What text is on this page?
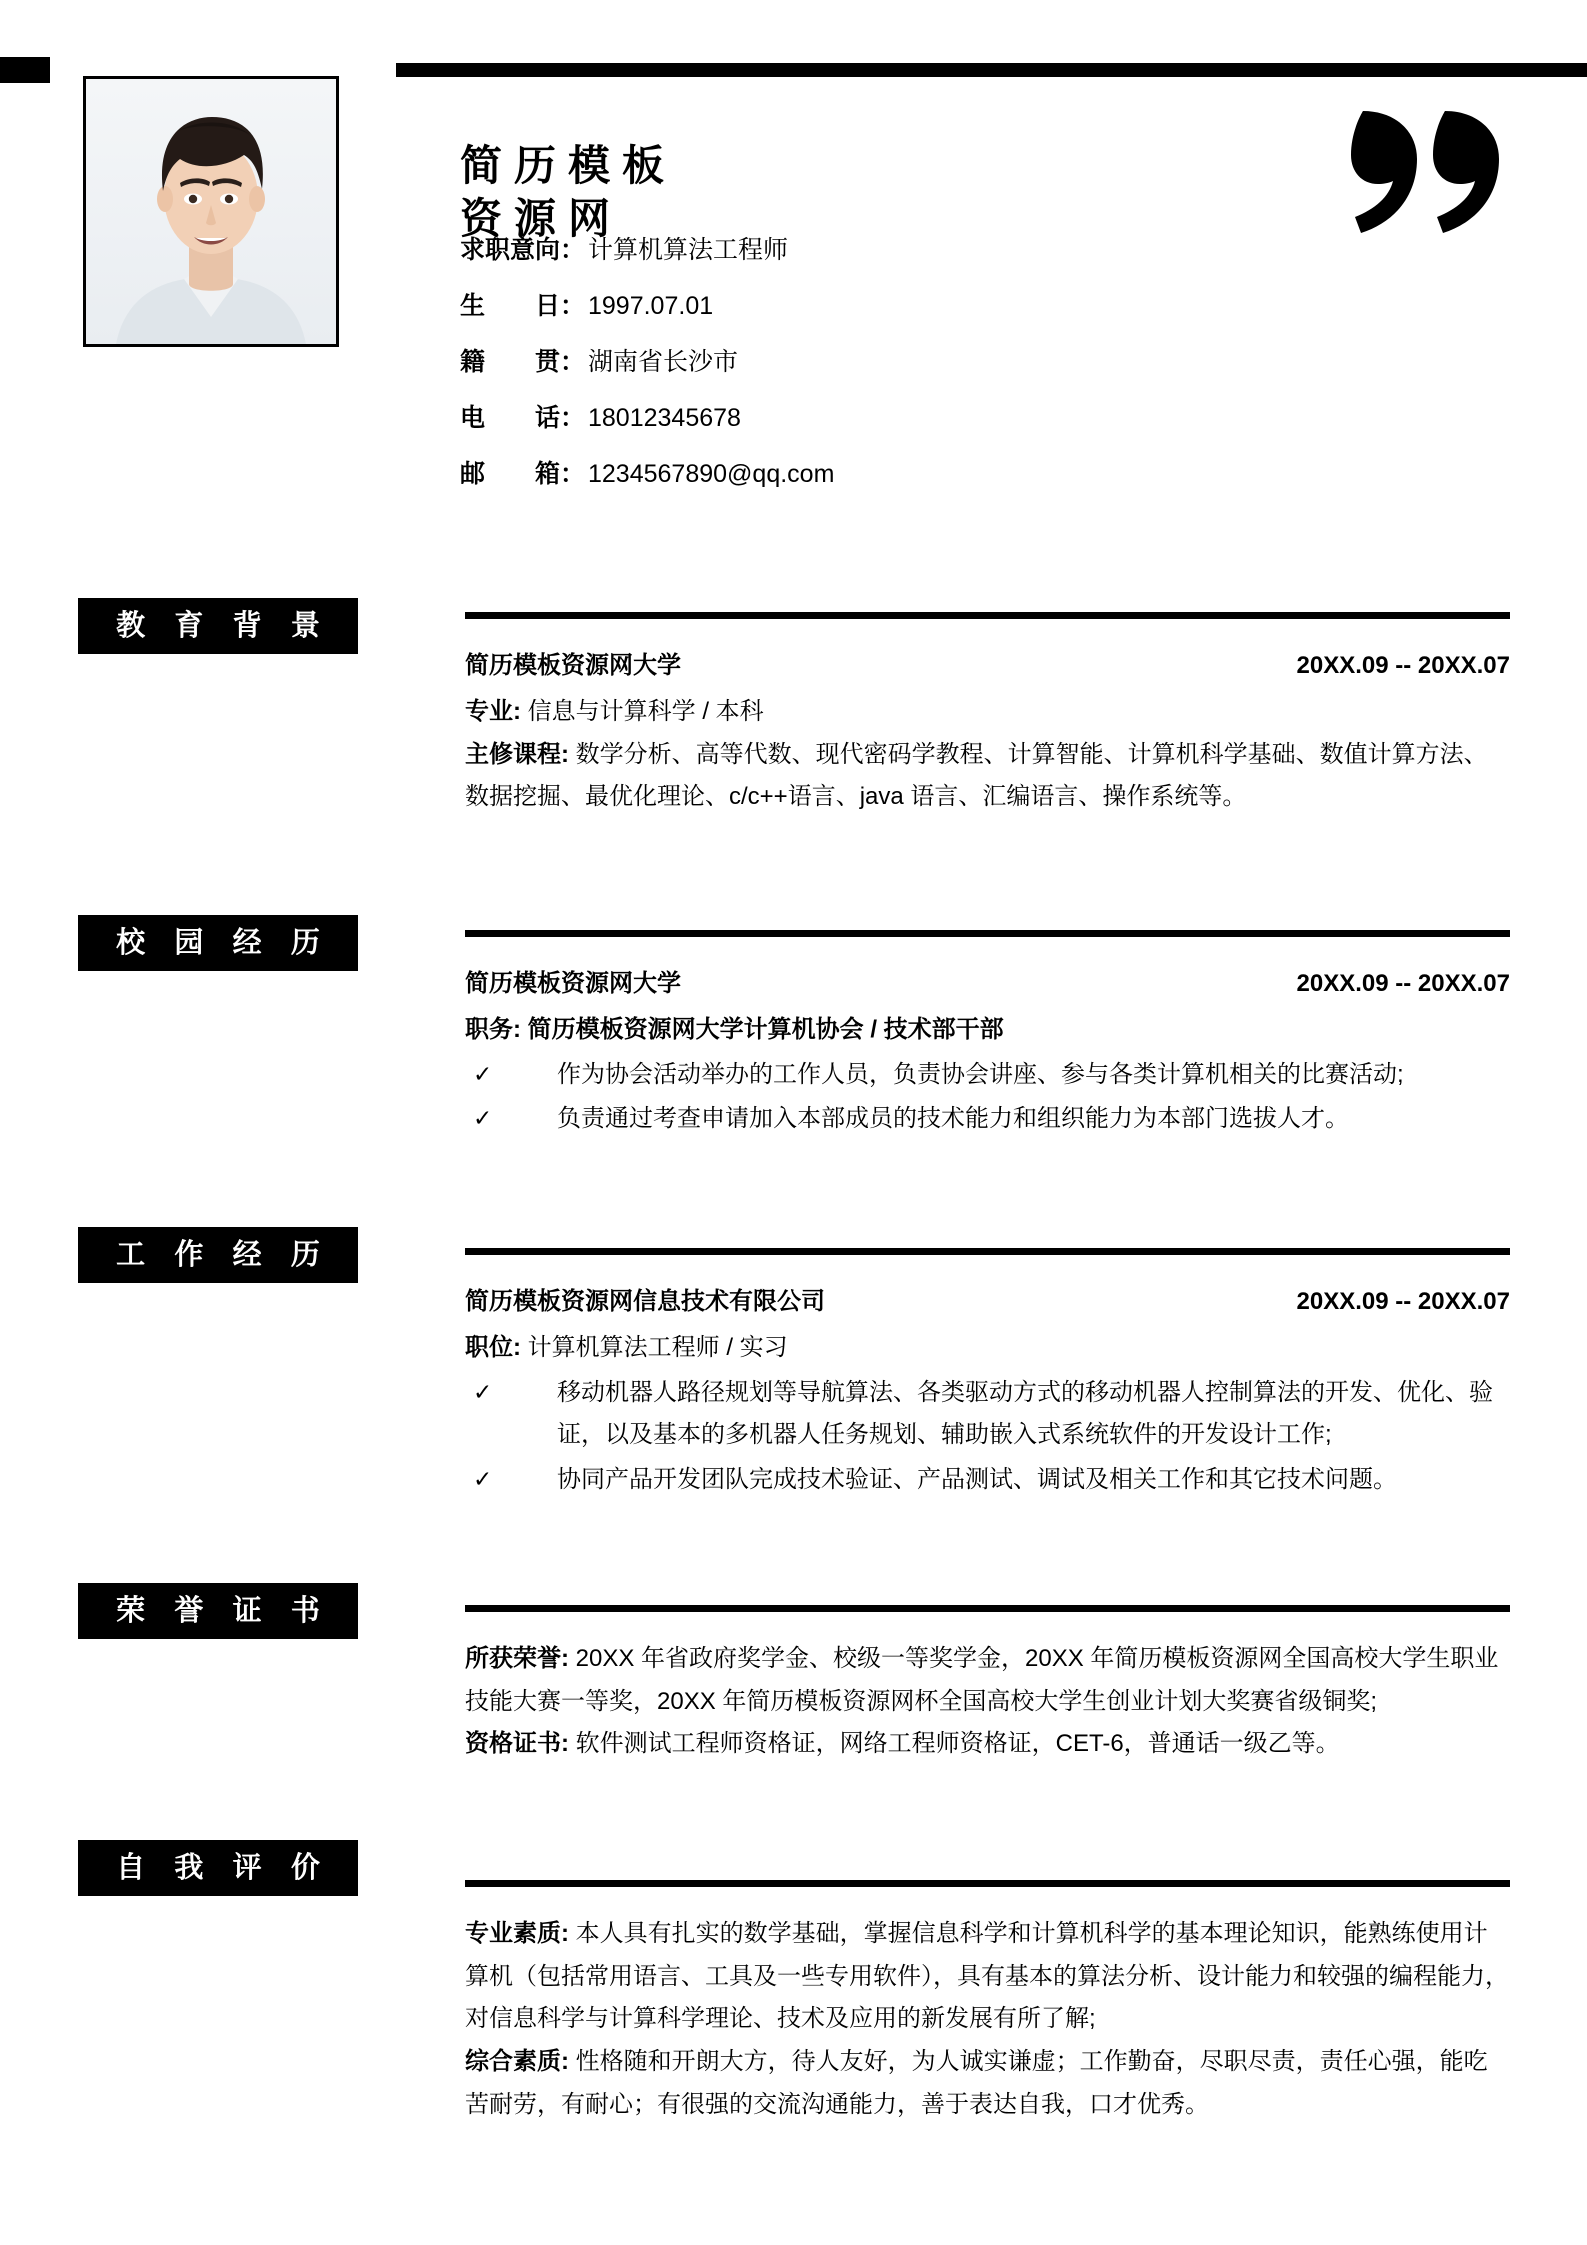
简历模板资源网
求职意向： 计算机算法工程师
生　　日： 1997.07.01
籍　　贯： 湖南省长沙市
电　　话： 18012345678
邮　　箱： 1234567890@qq.com
教 育 背 景
校 园 经 历
工 作 经 历
荣 誉 证 书
自 我 评 价
20XX.09 -- 20XX.07
简历模板资源网大学
专业: 信息与计算科学 / 本科
主修课程: 数学分析、高等代数、现代密码学教程、计算智能、计算机科学基础、数值计算方法、数据挖掘、最优化理论、c/c++语言、java 语言、汇编语言、操作系统等。
20XX.09 -- 20XX.07
简历模板资源网大学
职务: 简历模板资源网大学计算机协会 / 技术部干部
✓	作为协会活动举办的工作人员，负责协会讲座、参与各类计算机相关的比赛活动;
✓	负责通过考查申请加入本部成员的技术能力和组织能力为本部门选拔人才。
20XX.09 -- 20XX.07
简历模板资源网信息技术有限公司
职位: 计算机算法工程师 / 实习
✓	移动机器人路径规划等导航算法、各类驱动方式的移动机器人控制算法的开发、优化、验证，以及基本的多机器人任务规划、辅助嵌入式系统软件的开发设计工作;
✓	协同产品开发团队完成技术验证、产品测试、调试及相关工作和其它技术问题。
所获荣誉: 20XX 年省政府奖学金、校级一等奖学金，20XX 年简历模板资源网全国高校大学生职业技能大赛一等奖，20XX 年简历模板资源网杯全国高校大学生创业计划大奖赛省级铜奖;
资格证书: 软件测试工程师资格证，网络工程师资格证，CET-6，普通话一级乙等。
专业素质: 本人具有扎实的数学基础，掌握信息科学和计算机科学的基本理论知识，能熟练使用计算机（包括常用语言、工具及一些专用软件），具有基本的算法分析、设计能力和较强的编程能力，对信息科学与计算科学理论、技术及应用的新发展有所了解;
综合素质: 性格随和开朗大方，待人友好，为人诚实谦虚；工作勤奋，尽职尽责，责任心强，能吃苦耐劳，有耐心；有很强的交流沟通能力，善于表达自我，口才优秀。
